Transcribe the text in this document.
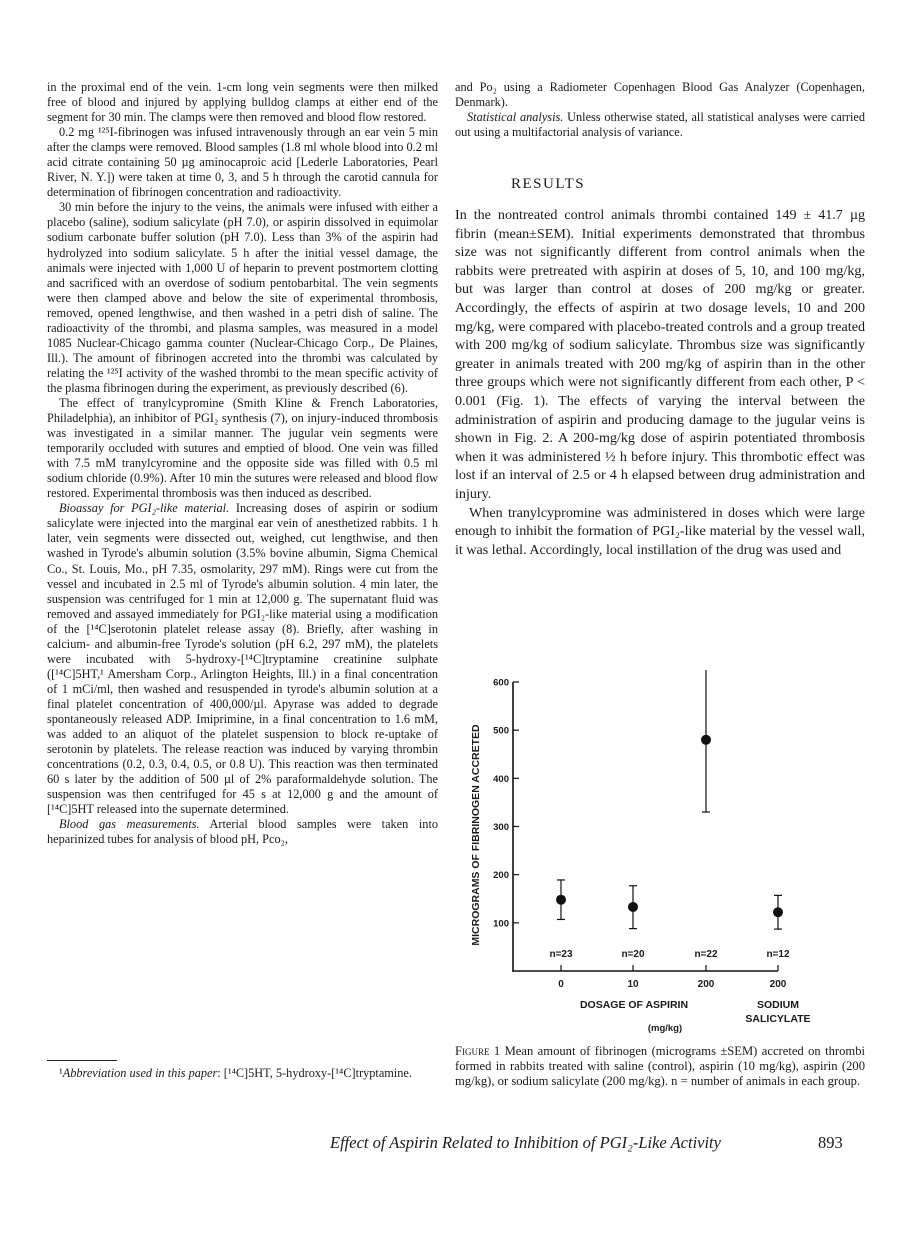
in the proximal end of the vein. 1-cm long vein segments were then milked free of blood and injured by applying bulldog clamps at either end of the segment for 30 min. The clamps were then removed and blood flow restored.

0.2 mg ¹²⁵I-fibrinogen was infused intravenously through an ear vein 5 min after the clamps were removed. Blood samples (1.8 ml whole blood into 0.2 ml acid citrate containing 50 µg aminocaproic acid [Lederle Laboratories, Pearl River, N. Y.]) were taken at time 0, 3, and 5 h through the carotid cannula for determination of fibrinogen concentration and radioactivity.

30 min before the injury to the veins, the animals were infused with either a placebo (saline), sodium salicylate (pH 7.0), or aspirin dissolved in equimolar sodium carbonate buffer solution (pH 7.0). Less than 3% of the aspirin had hydrolyzed into sodium salicylate. 5 h after the initial vessel damage, the animals were injected with 1,000 U of heparin to prevent postmortem clotting and sacrificed with an overdose of sodium pentobarbital. The vein segments were then clamped above and below the site of experimental thrombosis, removed, opened lengthwise, and then washed in a petri dish of saline. The radioactivity of the thrombi, and plasma samples, was measured in a model 1085 Nuclear-Chicago gamma counter (Nuclear-Chicago Corp., De Plaines, Ill.). The amount of fibrinogen accreted into the thrombi was calculated by relating the ¹²⁵I activity of the washed thrombi to the mean specific activity of the plasma fibrinogen during the experiment, as previously described (6).

The effect of tranylcypromine (Smith Kline & French Laboratories, Philadelphia), an inhibitor of PGI₂ synthesis (7), on injury-induced thrombosis was investigated in a similar manner. The jugular vein segments were temporarily occluded with sutures and emptied of blood. One vein was filled with 7.5 mM tranylcyromine and the opposite side was filled with 0.5 ml sodium chloride (0.9%). After 10 min the sutures were released and blood flow restored. Experimental thrombosis was then induced as described.

Bioassay for PGI₂-like material. Increasing doses of aspirin or sodium salicylate were injected into the marginal ear vein of anesthetized rabbits. 1 h later, vein segments were dissected out, weighed, cut lengthwise, and then washed in Tyrode's albumin solution (3.5% bovine albumin, Sigma Chemical Co., St. Louis, Mo., pH 7.35, osmolarity, 297 mM). Rings were cut from the vessel and incubated in 2.5 ml of Tyrode's albumin solution. 4 min later, the suspension was centrifuged for 1 min at 12,000 g. The supernatant fluid was removed and assayed immediately for PGI₂-like material using a modification of the [¹⁴C]serotonin platelet release assay (8). Briefly, after washing in calcium- and albumin-free Tyrode's solution (pH 6.2, 297 mM), the platelets were incubated with 5-hydroxy-[¹⁴C]tryptamine creatinine sulphate ([¹⁴C]5HT,¹ Amersham Corp., Arlington Heights, Ill.) in a final concentration of 1 mCi/ml, then washed and resuspended in tyrode's albumin solution at a final platelet concentration of 400,000/µl. Apyrase was added to degrade spontaneously released ADP. Imiprimine, in a final concentration to 1.6 mM, was added to an aliquot of the platelet suspension to block re-uptake of serotonin by platelets. The release reaction was induced by varying thrombin concentrations (0.2, 0.3, 0.4, 0.5, or 0.8 U). This reaction was then terminated 60 s later by the addition of 500 µl of 2% paraformaldehyde solution. The suspension was then centrifuged for 45 s at 12,000 g and the amount of [¹⁴C]5HT released into the supernate determined.

Blood gas measurements. Arterial blood samples were taken into heparinized tubes for analysis of blood pH, Pco₂,

¹Abbreviation used in this paper: [¹⁴C]5HT, 5-hydroxy-[¹⁴C]tryptamine.

and Po₂ using a Radiometer Copenhagen Blood Gas Analyzer (Copenhagen, Denmark).

Statistical analysis. Unless otherwise stated, all statistical analyses were carried out using a multifactorial analysis of variance.

RESULTS

In the nontreated control animals thrombi contained 149 ± 41.7 µg fibrin (mean±SEM). Initial experiments demonstrated that thrombus size was not significantly different from control animals when the rabbits were pretreated with aspirin at doses of 5, 10, and 100 mg/kg, but was larger than control at doses of 200 mg/kg or greater. Accordingly, the effects of aspirin at two dosage levels, 10 and 200 mg/kg, were compared with placebo-treated controls and a group treated with 200 mg/kg of sodium salicylate. Thrombus size was significantly greater in animals treated with 200 mg/kg of aspirin than in the other three groups which were not significantly different from each other, P < 0.001 (Fig. 1). The effects of varying the interval between the administration of aspirin and producing damage to the jugular veins is shown in Fig. 2. A 200-mg/kg dose of aspirin potentiated thrombosis when it was administered ½ h before injury. This thrombotic effect was lost if an interval of 2.5 or 4 h elapsed between drug administration and injury.

When tranylcypromine was administered in doses which were large enough to inhibit the formation of PGI₂-like material by the vessel wall, it was lethal. Accordingly, local instillation of the drug was used and

MICROGRAMS OF FIBRINOGEN ACCRETED 100
200
300
400
500
600
0
n=23
10
n=20
200
n=22
200
n=12
DOSAGE OF ASPIRIN
(mg/kg)
SODIUM
SALICYLATE
Figure 1 Mean amount of fibrinogen (micrograms ±SEM) accreted on thrombi formed in rabbits treated with saline (control), aspirin (10 mg/kg), aspirin (200 mg/kg), or sodium salicylate (200 mg/kg). n = number of animals in each group.
Effect of Aspirin Related to Inhibition of PGI₂-Like Activity	893
